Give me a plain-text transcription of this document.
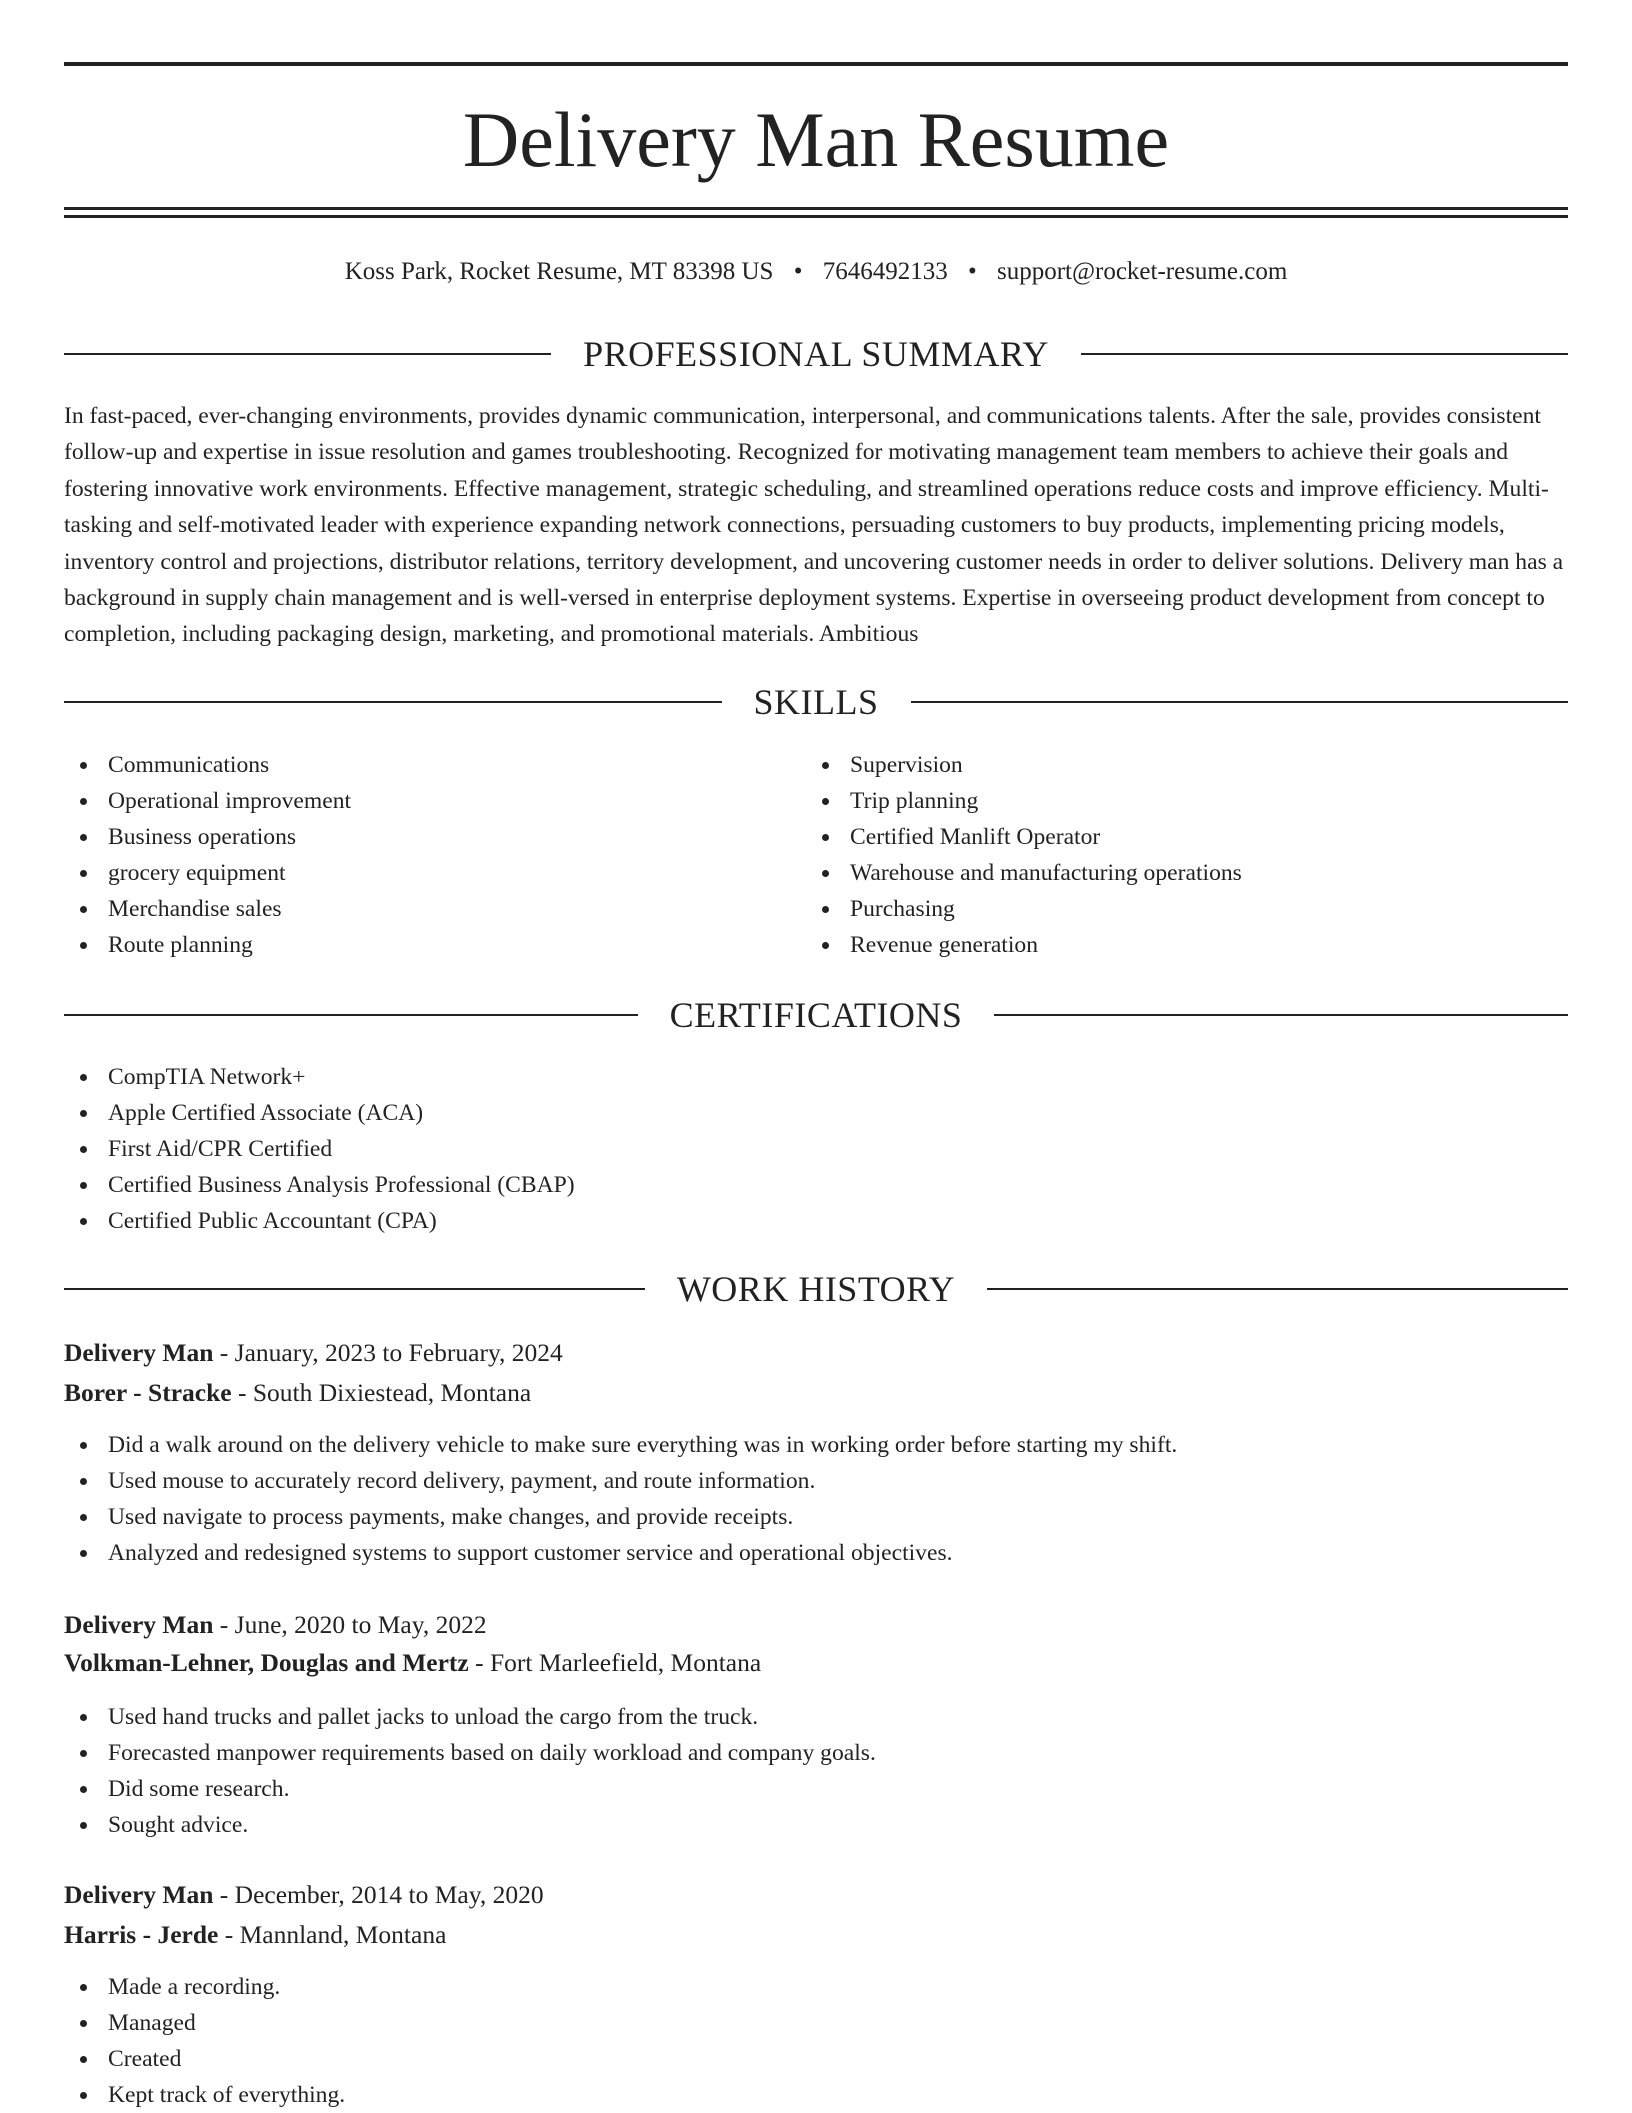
Delivery Man Resume
Koss Park, Rocket Resume, MT 83398 US • 7646492133 • support@rocket-resume.com
PROFESSIONAL SUMMARY

In fast-paced, ever-changing environments, provides dynamic communication, interpersonal, and communications talents. After the sale, provides consistent follow-up and expertise in issue resolution and games troubleshooting. Recognized for motivating management team members to achieve their goals and fostering innovative work environments. Effective management, strategic scheduling, and streamlined operations reduce costs and improve efficiency. Multi-tasking and self-motivated leader with experience expanding network connections, persuading customers to buy products, implementing pricing models, inventory control and projections, distributor relations, territory development, and uncovering customer needs in order to deliver solutions. Delivery man has a background in supply chain management and is well-versed in enterprise deployment systems. Expertise in overseeing product development from concept to completion, including packaging design, marketing, and promotional materials. Ambitious

SKILLS
Communications
Operational improvement
Business operations
grocery equipment
Merchandise sales
Route planning
Supervision
Trip planning
Certified Manlift Operator
Warehouse and manufacturing operations
Purchasing
Revenue generation
CERTIFICATIONS
CompTIA Network+
Apple Certified Associate (ACA)
First Aid/CPR Certified
Certified Business Analysis Professional (CBAP)
Certified Public Accountant (CPA)
WORK HISTORY
Delivery Man - January, 2023 to February, 2024
Borer - Stracke - South Dixiestead, Montana
Did a walk around on the delivery vehicle to make sure everything was in working order before starting my shift.
Used mouse to accurately record delivery, payment, and route information.
Used navigate to process payments, make changes, and provide receipts.
Analyzed and redesigned systems to support customer service and operational objectives.
Delivery Man - June, 2020 to May, 2022
Volkman-Lehner, Douglas and Mertz - Fort Marleefield, Montana
Used hand trucks and pallet jacks to unload the cargo from the truck.
Forecasted manpower requirements based on daily workload and company goals.
Did some research.
Sought advice.
Delivery Man - December, 2014 to May, 2020
Harris - Jerde - Mannland, Montana
Made a recording.
Managed
Created
Kept track of everything.
